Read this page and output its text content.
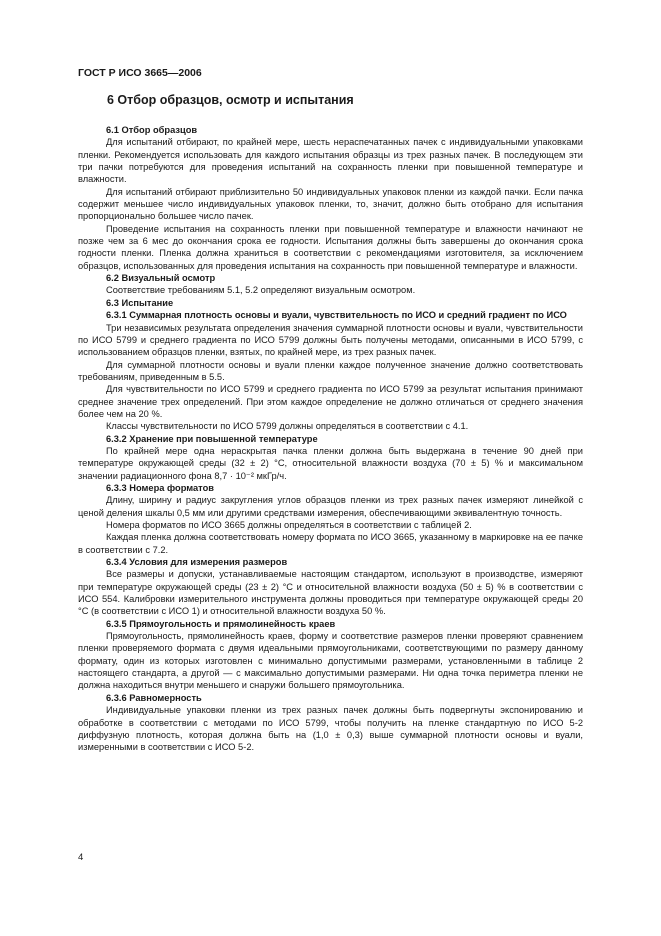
ГОСТ Р ИСО 3665—2006
6 Отбор образцов, осмотр и испытания

6.1 Отбор образцов

Для испытаний отбирают, по крайней мере, шесть нераспечатанных пачек с индивидуальными упаковками пленки. Рекомендуется использовать для каждого испытания образцы из трех разных пачек. В последующем эти три пачки потребуются для проведения испытаний на сохранность пленки при повышенной температуре и влажности.

Для испытаний отбирают приблизительно 50 индивидуальных упаковок пленки из каждой пачки. Если пачка содержит меньшее число индивидуальных упаковок пленки, то, значит, должно быть отобрано для испытания пропорционально большее число пачек.

Проведение испытания на сохранность пленки при повышенной температуре и влажности начинают не позже чем за 6 мес до окончания срока ее годности. Испытания должны быть завершены до окончания срока годности пленки. Пленка должна храниться в соответствии с рекомендациями изготовителя, за исключением образцов, использованных для проведения испытания на сохранность при повышенной температуре и влажности.

6.2 Визуальный осмотр

Соответствие требованиям 5.1, 5.2 определяют визуальным осмотром.

6.3 Испытание

6.3.1 Суммарная плотность основы и вуали, чувствительность по ИСО и средний градиент по ИСО

Три независимых результата определения значения суммарной плотности основы и вуали, чувствительности по ИСО 5799 и среднего градиента по ИСО 5799 должны быть получены методами, описанными в ИСО 5799, с использованием образцов пленки, взятых, по крайней мере, из трех разных пачек.

Для суммарной плотности основы и вуали пленки каждое полученное значение должно соответствовать требованиям, приведенным в 5.5.

Для чувствительности по ИСО 5799 и среднего градиента по ИСО 5799 за результат испытания принимают среднее значение трех определений. При этом каждое определение не должно отличаться от среднего значения более чем на 20 %.

Классы чувствительности по ИСО 5799 должны определяться в соответствии с 4.1.

6.3.2 Хранение при повышенной температуре

По крайней мере одна нераскрытая пачка пленки должна быть выдержана в течение 90 дней при температуре окружающей среды (32 ± 2) °С, относительной влажности воздуха (70 ± 5) % и максимальном значении радиационного фона 8,7 · 10⁻² мкГр/ч.

6.3.3 Номера форматов

Длину, ширину и радиус закругления углов образцов пленки из трех разных пачек измеряют линейкой с ценой деления шкалы 0,5 мм или другими средствами измерения, обеспечивающими эквивалентную точность.

Номера форматов по ИСО 3665 должны определяться в соответствии с таблицей 2.

Каждая пленка должна соответствовать номеру формата по ИСО 3665, указанному в маркировке на ее пачке в соответствии с 7.2.

6.3.4 Условия для измерения размеров

Все размеры и допуски, устанавливаемые настоящим стандартом, используют в производстве, измеряют при температуре окружающей среды (23 ± 2) °С и относительной влажности воздуха (50 ± 5) % в соответствии с ИСО 554. Калибровки измерительного инструмента должны проводиться при температуре окружающей среды 20 °С (в соответствии с ИСО 1) и относительной влажности воздуха 50 %.

6.3.5 Прямоугольность и прямолинейность краев

Прямоугольность, прямолинейность краев, форму и соответствие размеров пленки проверяют сравнением пленки проверяемого формата с двумя идеальными прямоугольниками, соответствующими по размеру данному формату, один из которых изготовлен с минимально допустимыми размерами, установленными в таблице 2 настоящего стандарта, а другой — с максимально допустимыми размерами. Ни одна точка периметра пленки не должна находиться внутри меньшего и снаружи большего прямоугольника.

6.3.6 Равномерность

Индивидуальные упаковки пленки из трех разных пачек должны быть подвергнуты экспонированию и обработке в соответствии с методами по ИСО 5799, чтобы получить на пленке стандартную по ИСО 5-2 диффузную плотность, которая должна быть на (1,0 ± 0,3) выше суммарной плотности основы и вуали, измеренными в соответствии с ИСО 5-2.

4
